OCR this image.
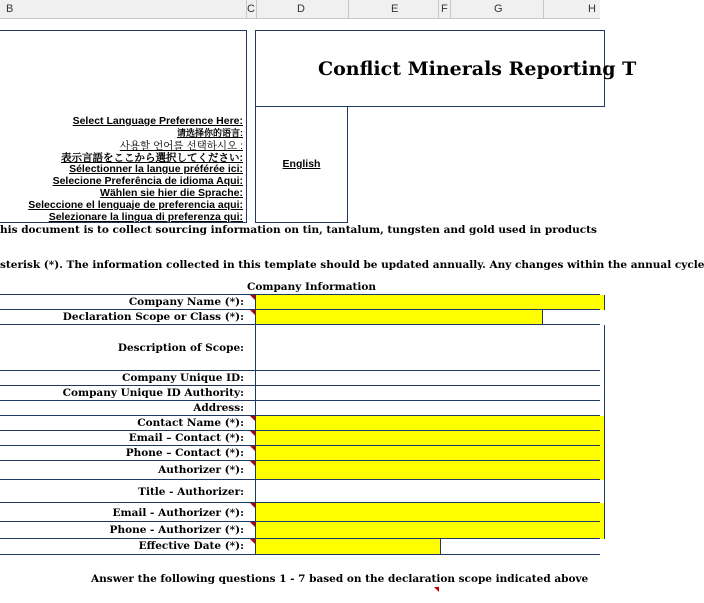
B	C	D	E	F	G	H
Select Language Preference Here:
请选择你的语言:
사용할 언어를 선택하시오 :
表示言語をここから選択してください:
Sélectionner la langue préférée ici:
Selecione Preferência de idioma Aqui:
Wählen sie hier die Sprache:
Seleccione el lenguaje de preferencia aqui:
Selezionare la lingua di preferenza qui:
Conflict Minerals Reporting T
English
his document is to collect sourcing information on tin, tantalum, tungsten and gold used in products
sterisk (*). The information collected in this template should be updated annually. Any changes within the annual cycle
Company Information
Company Name (*):
Declaration Scope or Class (*):
Description of Scope:
Company Unique ID:
Company Unique ID Authority:
Address:
Contact Name (*):
Email – Contact (*):
Phone – Contact (*):
Authorizer (*):
Title - Authorizer:
Email - Authorizer (*):
Phone - Authorizer (*):
Effective Date (*):
Answer the following questions 1 - 7 based on the declaration scope indicated above
